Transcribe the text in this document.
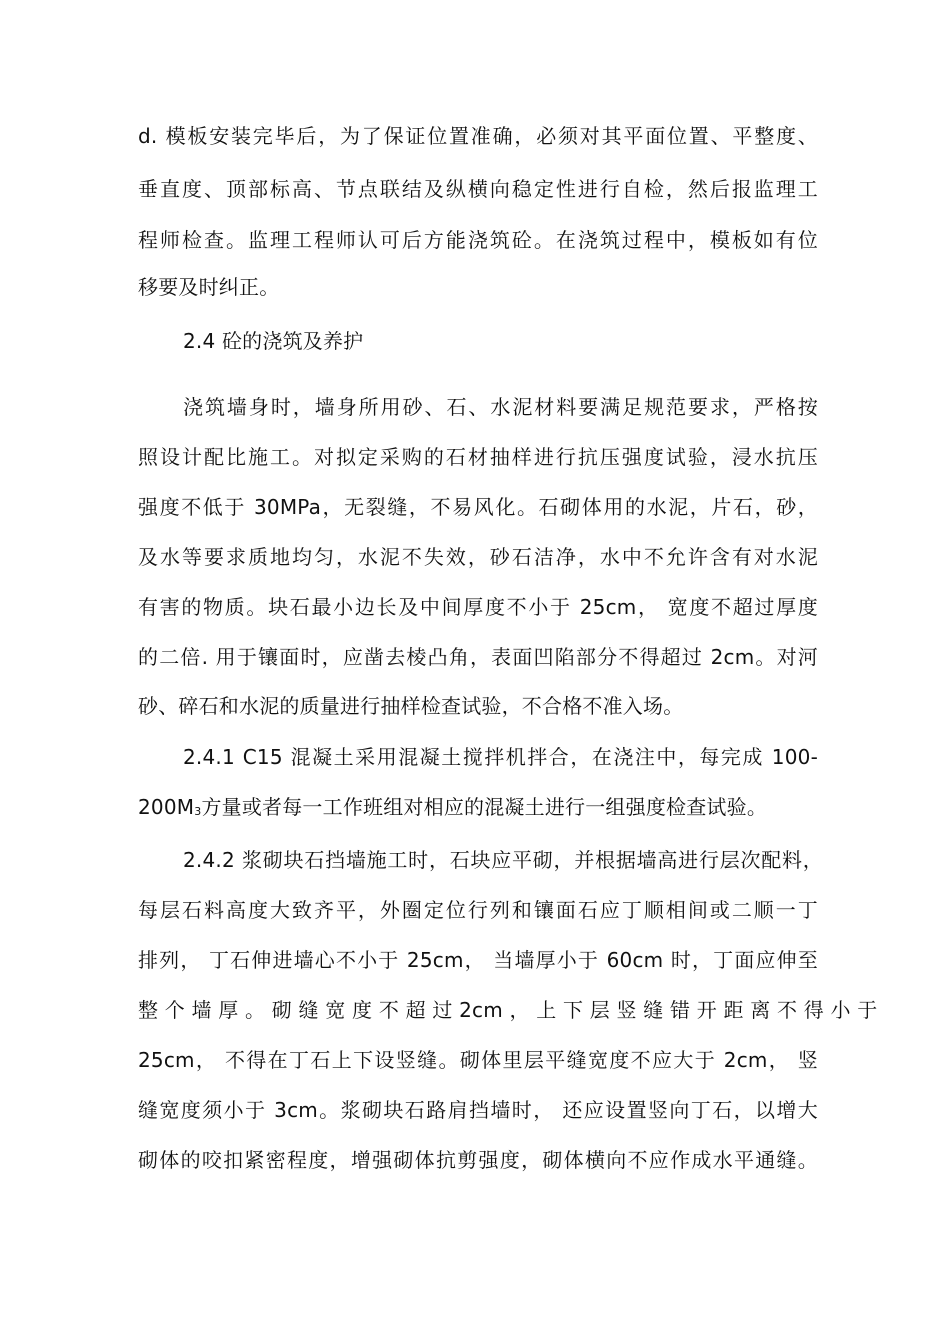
d. 模板安装完毕后，为了保证位置准确，必须对其平面位置、平整度、
垂直度、顶部标高、节点联结及纵横向稳定性进行自检，然后报监理工
程师检查。监理工程师认可后方能浇筑砼。在浇筑过程中，模板如有位
移要及时纠正。
2.4 砼的浇筑及养护
浇筑墙身时，墙身所用砂、石、水泥材料要满足规范要求，严格按
照设计配比施工。对拟定采购的石材抽样进行抗压强度试验，浸水抗压
强度不低于 30MPa，无裂缝，不易风化。石砌体用的水泥，片石，砂，
及水等要求质地均匀，水泥不失效，砂石洁净，水中不允许含有对水泥
有害的物质。块石最小边长及中间厚度不小于 25cm， 宽度不超过厚度
的二倍. 用于镶面时，应凿去棱凸角，表面凹陷部分不得超过 2cm。对河
砂、碎石和水泥的质量进行抽样检查试验，不合格不准入场。
2.4.1 C15 混凝土采用混凝土搅拌机拌合，在浇注中，每完成 100-
$200M_3$方量或者每一工作班组对相应的混凝土进行一组强度检查试验。
2.4.2 浆砌块石挡墙施工时，石块应平砌，并根据墙高进行层次配料，
每层石料高度大致齐平，外圈定位行列和镶面石应丁顺相间或二顺一丁
排列， 丁石伸进墙心不小于 25cm， 当墙厚小于 60cm 时，丁面应伸至
整 个 墙 厚 。 砌 缝 宽 度 不 超 过 2cm ， 上 下 层 竖 缝 错 开 距 离 不 得 小 于
25cm， 不得在丁石上下设竖缝。砌体里层平缝宽度不应大于 2cm， 竖
缝宽度须小于 3cm。浆砌块石路肩挡墙时， 还应设置竖向丁石，以增大
砌体的咬扣紧密程度，增强砌体抗剪强度，砌体横向不应作成水平通缝。
